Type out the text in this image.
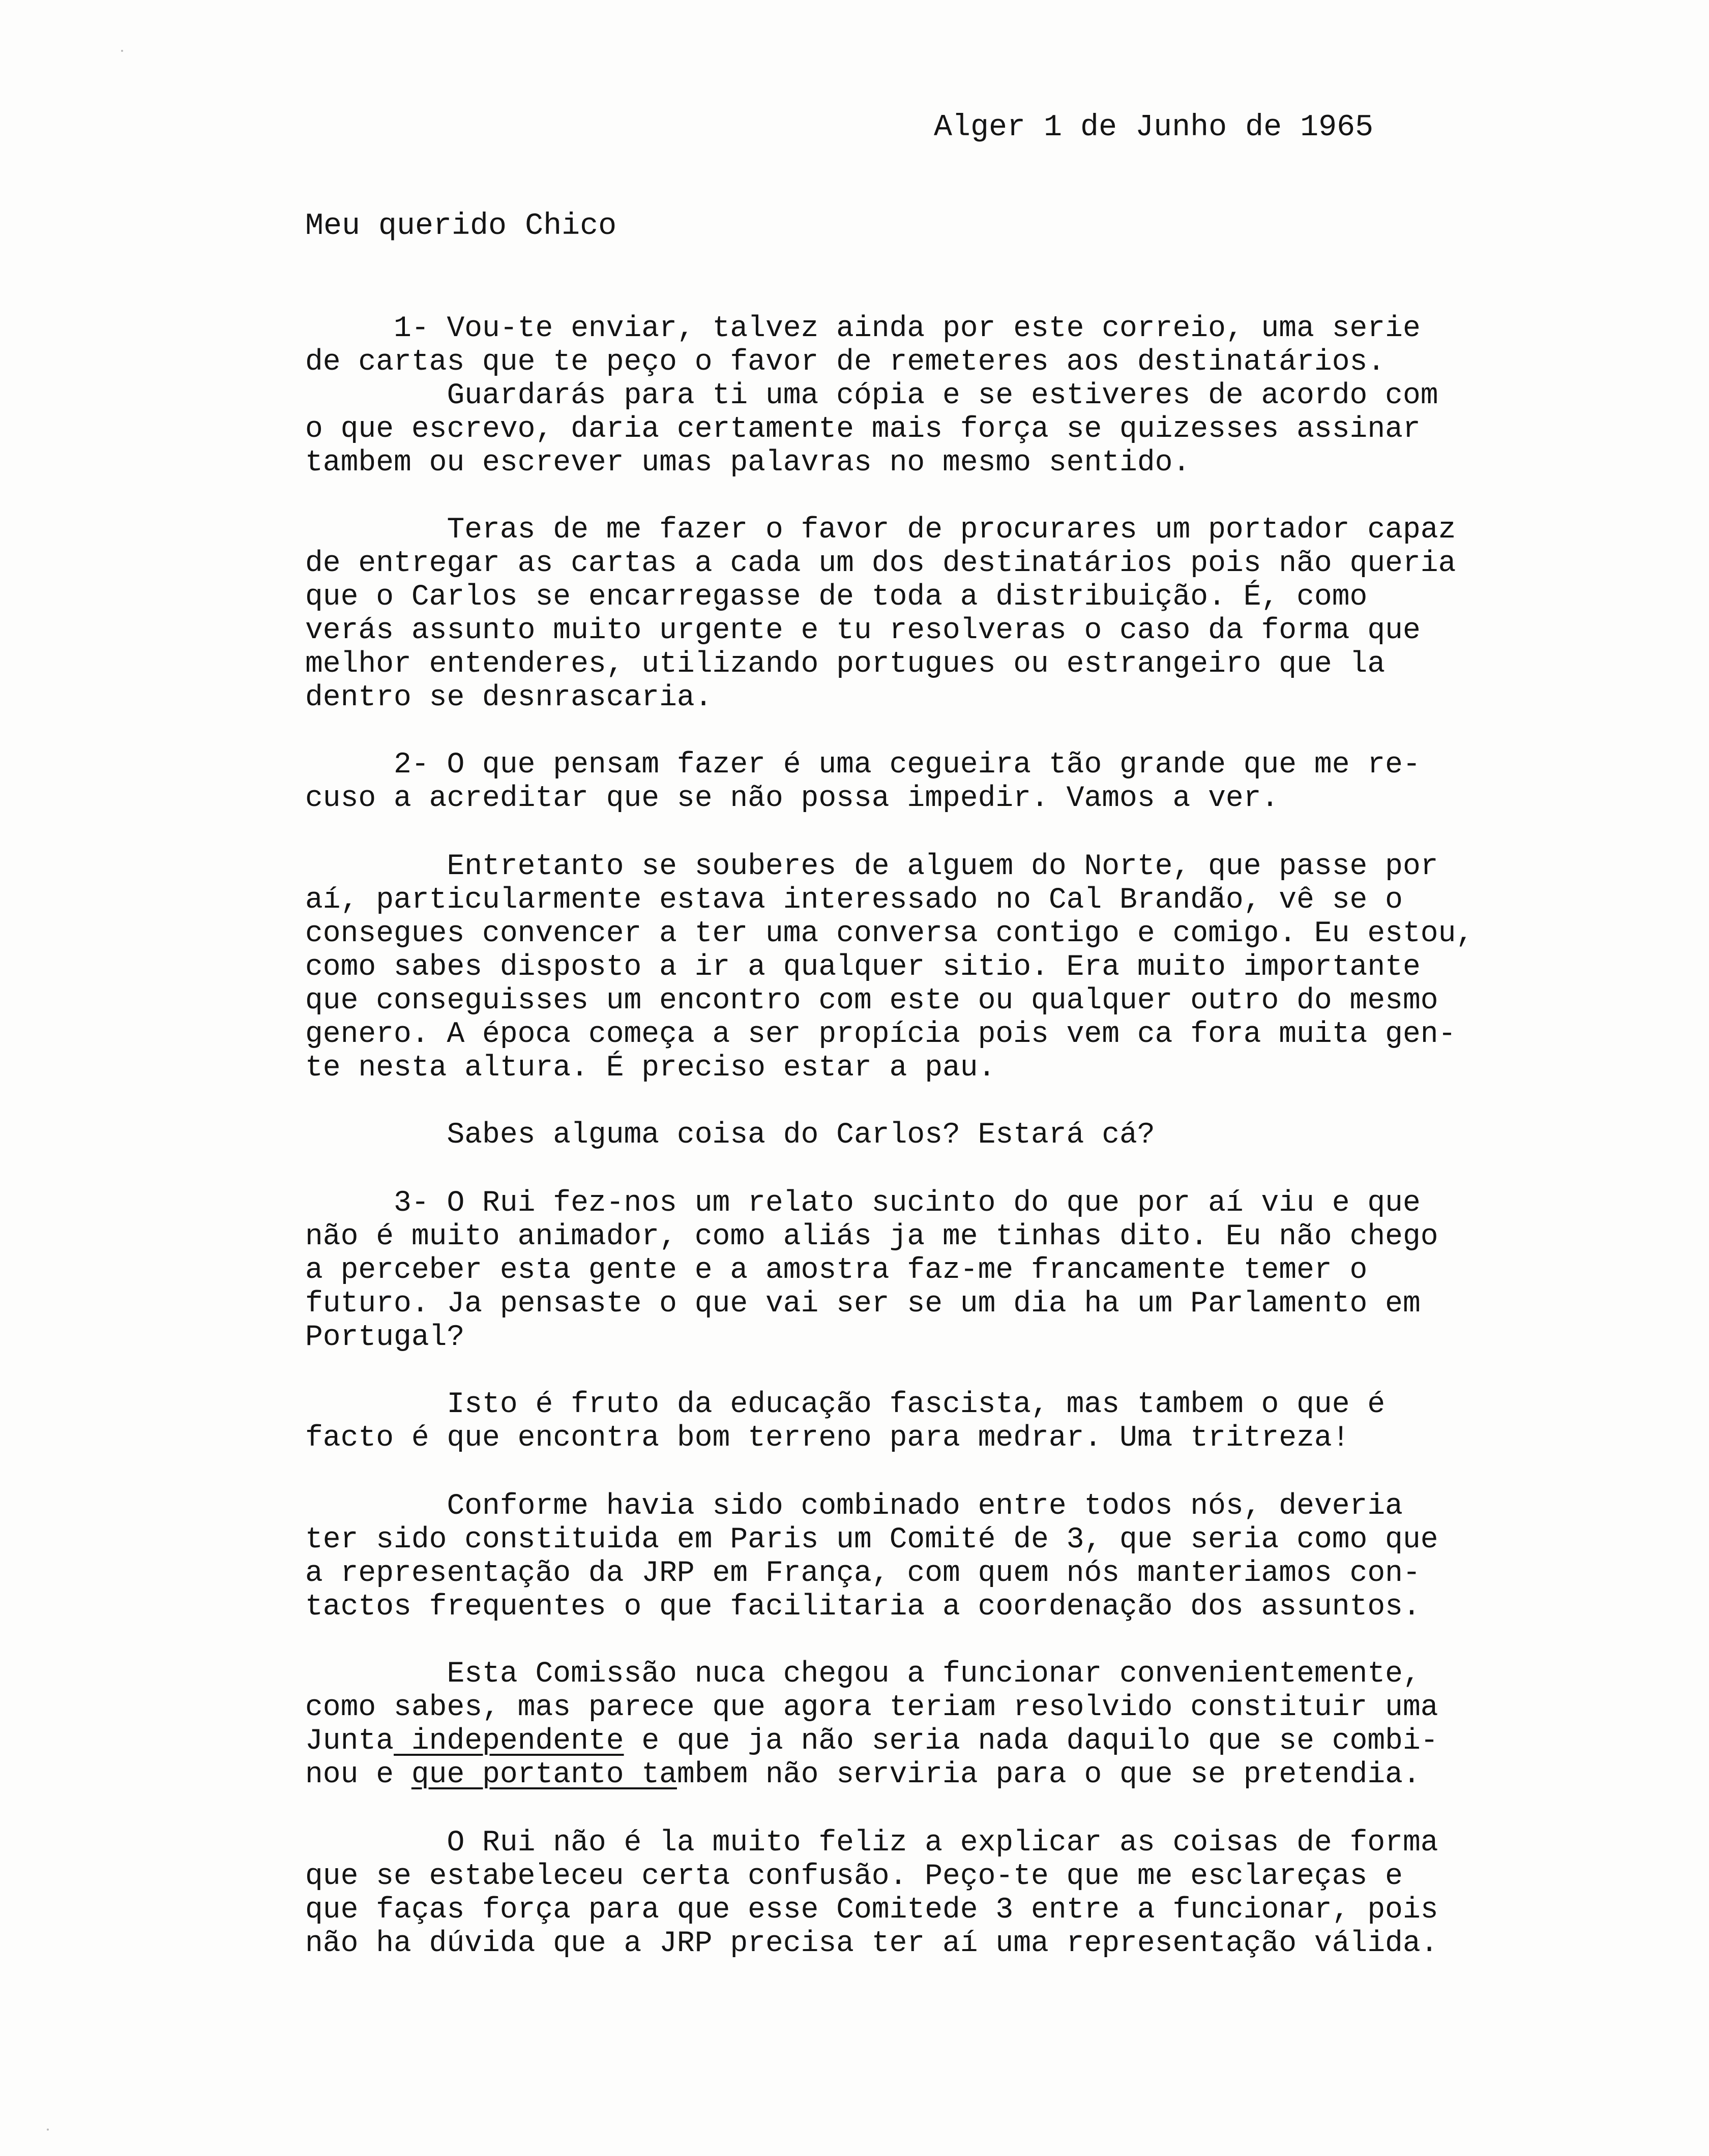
Alger 1 de Junho de 1965
Meu querido Chico
1- Vou-te enviar, talvez ainda por este correio, uma serie
de cartas que te peço o favor de remeteres aos destinatários.
Guardarás para ti uma cópia e se estiveres de acordo com
o que escrevo, daria certamente mais força se quizesses assinar
tambem ou escrever umas palavras no mesmo sentido.
Teras de me fazer o favor de procurares um portador capaz
de entregar as cartas a cada um dos destinatários pois não queria
que o Carlos se encarregasse de toda a distribuição. É, como
verás assunto muito urgente e tu resolveras o caso da forma que
melhor entenderes, utilizando portugues ou estrangeiro que la
dentro se desnrascaria.
2- O que pensam fazer é uma cegueira tão grande que me re-
cuso a acreditar que se não possa impedir. Vamos a ver.
Entretanto se souberes de alguem do Norte, que passe por
aí, particularmente estava interessado no Cal Brandão, vê se o
consegues convencer a ter uma conversa contigo e comigo. Eu estou,
como sabes disposto a ir a qualquer sitio. Era muito importante
que conseguisses um encontro com este ou qualquer outro do mesmo
genero. A época começa a ser propícia pois vem ca fora muita gen-
te nesta altura. É preciso estar a pau.
Sabes alguma coisa do Carlos? Estará cá?
3- O Rui fez-nos um relato sucinto do que por aí viu e que
não é muito animador, como aliás ja me tinhas dito. Eu não chego
a perceber esta gente e a amostra faz-me francamente temer o
futuro. Ja pensaste o que vai ser se um dia ha um Parlamento em
Portugal?
Isto é fruto da educação fascista, mas tambem o que é
facto é que encontra bom terreno para medrar. Uma tritreza!
Conforme havia sido combinado entre todos nós, deveria
ter sido constituida em Paris um Comité de 3, que seria como que
a representação da JRP em França, com quem nós manteriamos con-
tactos frequentes o que facilitaria a coordenação dos assuntos.
Esta Comissão nuca chegou a funcionar convenientemente,
como sabes, mas parece que agora teriam resolvido constituir uma
Junta independente e que ja não seria nada daquilo que se combi-
nou e que portanto tambem não serviria para o que se pretendia.
O Rui não é la muito feliz a explicar as coisas de forma
que se estabeleceu certa confusão. Peço-te que me esclareças e
que faças força para que esse Comitede 3 entre a funcionar, pois
não ha dúvida que a JRP precisa ter aí uma representação válida.
